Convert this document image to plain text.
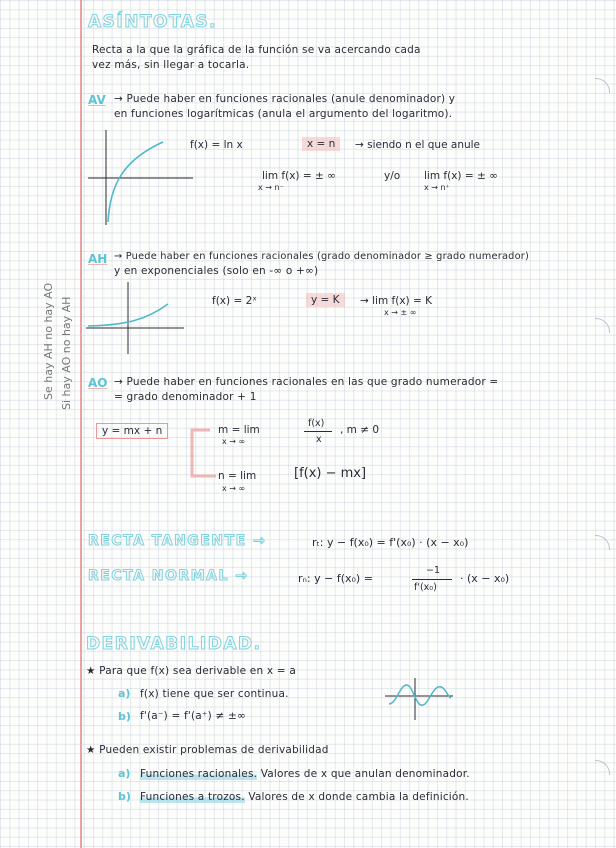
Se hay AH no hay AO Si hay AO no hay AH
ASÍNTOTAS.
Recta a la que la gráfica de la función se va acercando cada
vez más, sin llegar a tocarla.
AV → Puede haber en funciones racionales (anule denominador) y
en funciones logarítmicas (anula el argumento del logaritmo).
f(x) = ln x	x = n	→ siendo n el que anule
lim f(x) = ± ∞
x → n⁻
y/o lim f(x) = ± ∞
x → n⁺
AH → Puede haber en funciones racionales (grado denominador ≥ grado numerador)
y en exponenciales (solo en -∞ o +∞)
f(x) = 2ˣ	y = K	→ lim f(x) = K
x → ± ∞
AO → Puede haber en funciones racionales en las que grado numerador =
= grado denominador + 1
y = mx + n	m = lim
x → ∞
f(x)
x
, m ≠ 0
n = lim
x → ∞
[f(x) − mx]
RECTA TANGENTE →	rₜ: y − f(x₀) = f'(x₀) · (x − x₀)
RECTA NORMAL →	rₙ: y − f(x₀) =
−1
f'(x₀)
· (x − x₀)
DERIVABILIDAD.
★ Para que f(x) sea derivable en x = a
a) f(x) tiene que ser continua.
b) f'(a⁻) = f'(a⁺) ≠ ±∞
★ Pueden existir problemas de derivabilidad
a) Funciones racionales. Valores de x que anulan denominador.
b) Funciones a trozos. Valores de x donde cambia la definición.
